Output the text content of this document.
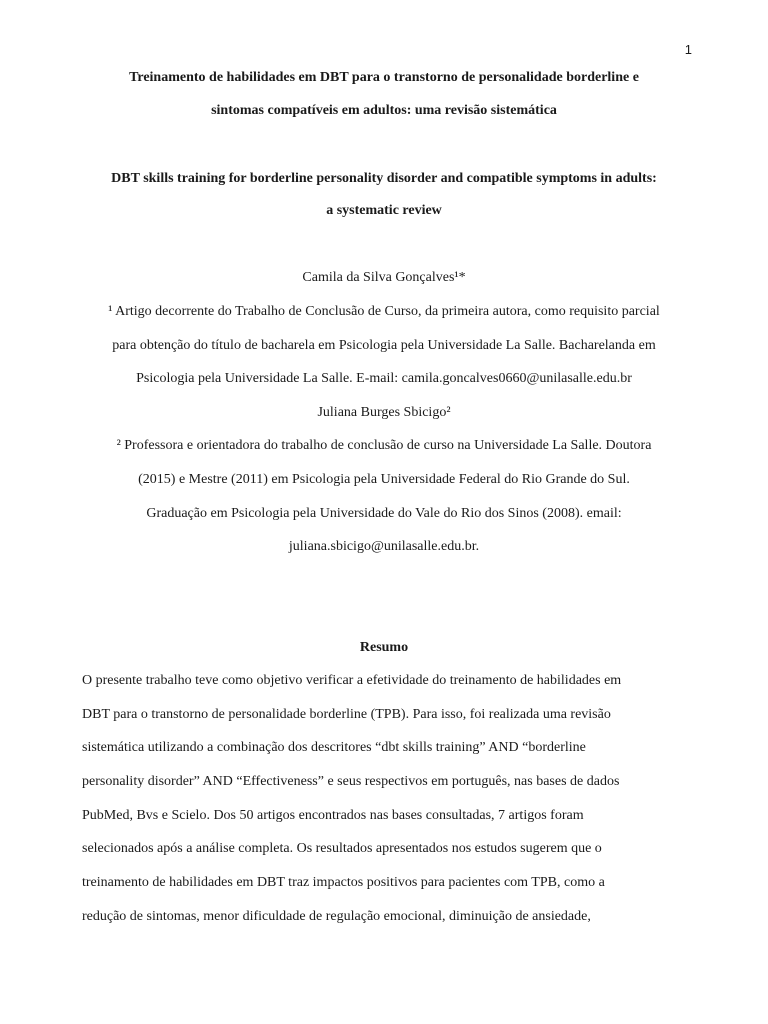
1
Treinamento de habilidades em DBT para o transtorno de personalidade borderline e
sintomas compatíveis em adultos: uma revisão sistemática
DBT skills training for borderline personality disorder and compatible symptoms in adults:
a systematic review
Camila da Silva Gonçalves¹*
¹ Artigo decorrente do Trabalho de Conclusão de Curso, da primeira autora, como requisito parcial
para obtenção do título de bacharela em Psicologia pela Universidade La Salle. Bacharelanda em
Psicologia pela Universidade La Salle. E-mail: camila.goncalves0660@unilasalle.edu.br
Juliana Burges Sbicigo²
² Professora e orientadora do trabalho de conclusão de curso na Universidade La Salle. Doutora
(2015) e Mestre (2011) em Psicologia pela Universidade Federal do Rio Grande do Sul.
Graduação em Psicologia pela Universidade do Vale do Rio dos Sinos (2008). email:
juliana.sbicigo@unilasalle.edu.br.
Resumo
O presente trabalho teve como objetivo verificar a efetividade do treinamento de habilidades em
DBT para o transtorno de personalidade borderline (TPB). Para isso, foi realizada uma revisão
sistemática utilizando a combinação dos descritores “dbt skills training” AND “borderline
personality disorder” AND “Effectiveness” e seus respectivos em português, nas bases de dados
PubMed, Bvs e Scielo. Dos 50 artigos encontrados nas bases consultadas, 7 artigos foram
selecionados após a análise completa. Os resultados apresentados nos estudos sugerem que o
treinamento de habilidades em DBT traz impactos positivos para pacientes com TPB, como a
redução de sintomas, menor dificuldade de regulação emocional, diminuição de ansiedade,
